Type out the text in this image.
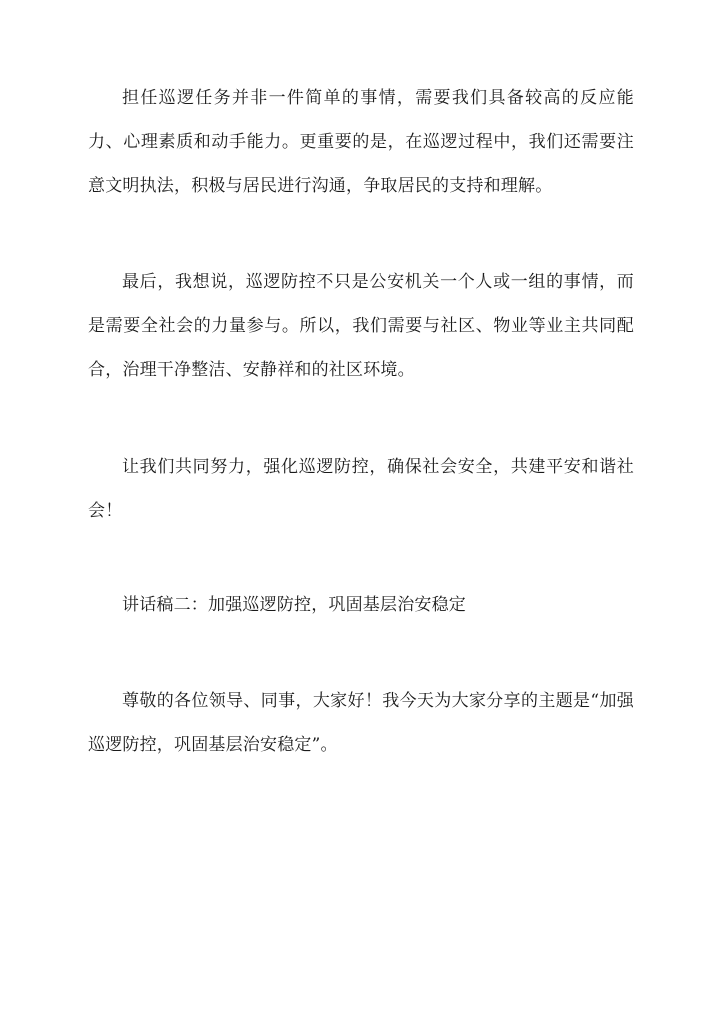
担任巡逻任务并非一件简单的事情，需要我们具备较高的反应能力、心理素质和动手能力。更重要的是，在巡逻过程中，我们还需要注意文明执法，积极与居民进行沟通，争取居民的支持和理解。

最后，我想说，巡逻防控不只是公安机关一个人或一组的事情，而是需要全社会的力量参与。所以，我们需要与社区、物业等业主共同配合，治理干净整洁、安静祥和的社区环境。

让我们共同努力，强化巡逻防控，确保社会安全，共建平安和谐社会！

讲话稿二：加强巡逻防控，巩固基层治安稳定

尊敬的各位领导、同事，大家好！我今天为大家分享的主题是“加强巡逻防控，巩固基层治安稳定”。
